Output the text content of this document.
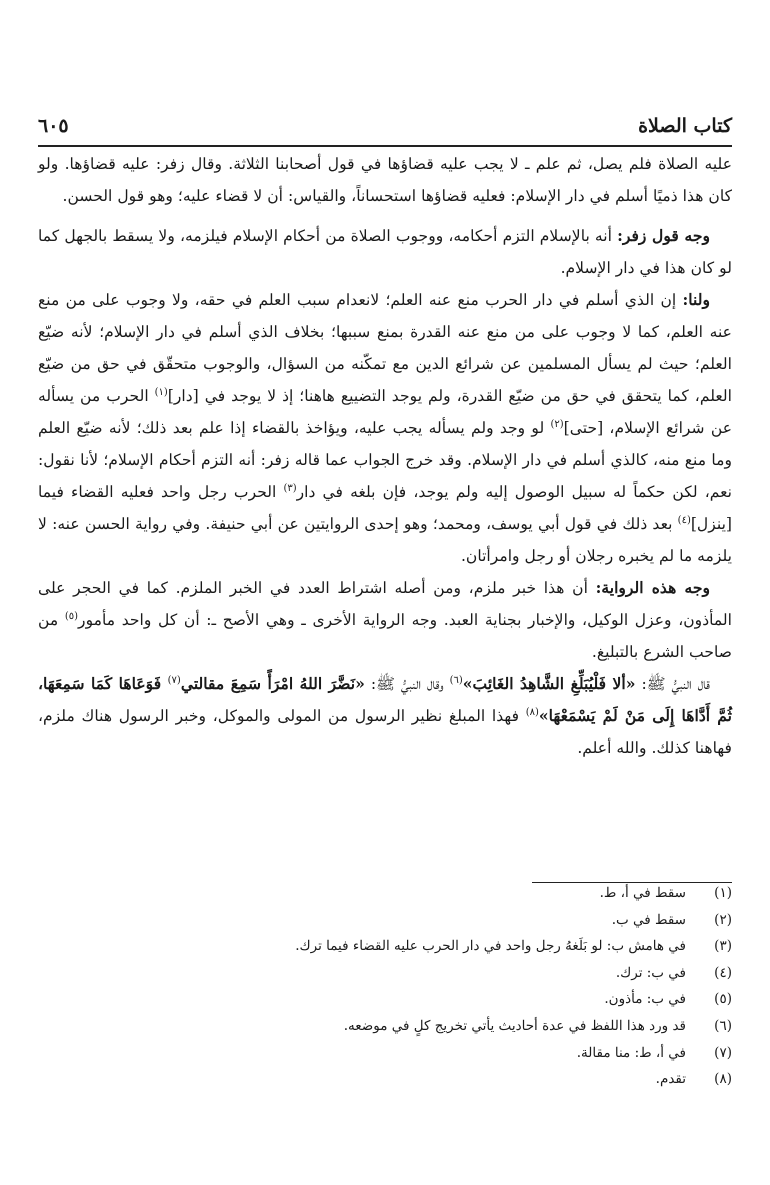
كتاب الصلاة
٦٠٥

عليه الصلاة فلم يصل، ثم علم ـ لا يجب عليه قضاؤها في قول أصحابنا الثلاثة. وقال زفر: عليه قضاؤها. ولو كان هذا ذميًا أسلم في دار الإسلام: فعليه قضاؤها استحساناً، والقياس: أن لا قضاء عليه؛ وهو قول الحسن.

وجه قول زفر: أنه بالإسلام التزم أحكامه، ووجوب الصلاة من أحكام الإسلام فيلزمه، ولا يسقط بالجهل كما لو كان هذا في دار الإسلام.

ولنا: إن الذي أسلم في دار الحرب منع عنه العلم؛ لانعدام سبب العلم في حقه، ولا وجوب على من منع عنه العلم، كما لا وجوب على من منع عنه القدرة بمنع سببها؛ بخلاف الذي أسلم في دار الإسلام؛ لأنه ضيّع العلم؛ حيث لم يسأل المسلمين عن شرائع الدين مع تمكّنه من السؤال، والوجوب متحقّق في حق من ضيّع العلم، كما يتحقق في حق من ضيّع القدرة، ولم يوجد التضييع هاهنا؛ إذ لا يوجد في [دار]$^{(١)}$ الحرب من يسأله عن شرائع الإسلام، [حتى]$^{(٢)}$ لو وجد ولم يسأله يجب عليه، ويؤاخذ بالقضاء إذا علم بعد ذلك؛ لأنه ضيّع العلم وما منع منه، كالذي أسلم في دار الإسلام. وقد خرج الجواب عما قاله زفر: أنه التزم أحكام الإسلام؛ لأنا نقول: نعم، لكن حكماً له سبيل الوصول إليه ولم يوجد، فإن بلغه في دار$^{(٣)}$ الحرب رجل واحد فعليه القضاء فيما [ينزل]$^{(٤)}$ بعد ذلك في قول أبي يوسف، ومحمد؛ وهو إحدى الروايتين عن أبي حنيفة. وفي رواية الحسن عنه: لا يلزمه ما لم يخبره رجلان أو رجل وامرأتان.

وجه هذه الرواية: أن هذا خبر ملزم، ومن أصله اشتراط العدد في الخبر الملزم. كما في الحجر على المأذون، وعزل الوكيل، والإخبار بجناية العبد. وجه الرواية الأخرى ـ وهي الأصح ـ: أن كل واحد مأمور$^{(٥)}$ من صاحب الشرع بالتبليغ.

قال النبيُّ ﷺ: «ألا فَلْيُبَلِّغِ الشَّاهِدُ الغَائِبَ»$^{(٦)}$ وقال النبيُّ ﷺ: «نَضَّرَ اللهُ امْرَأً سَمِعَ مقالتي$^{(٧)}$ فَوَعَاهَا كَمَا سَمِعَهَا، ثُمَّ أَدَّاهَا إِلَى مَنْ لَمْ يَسْمَعْهَا»$^{(٨)}$ فهذا المبلغ نظير الرسول من المولى والموكل، وخبر الرسول هناك ملزم، فهاهنا كذلك. والله أعلم.

(١)
سقط في أ، ط.
(٢)
سقط في ب.
(٣)
في هامش ب: لو بَلَغهُ رجل واحد في دار الحرب عليه القضاء فيما ترك.
(٤)
في ب: ترك.
(٥)
في ب: مأذون.
(٦)
قد ورد هذا اللفظ في عدة أحاديث يأتي تخريج كلٍ في موضعه.
(٧)
في أ، ط: منا مقالة.
(٨)
تقدم.
